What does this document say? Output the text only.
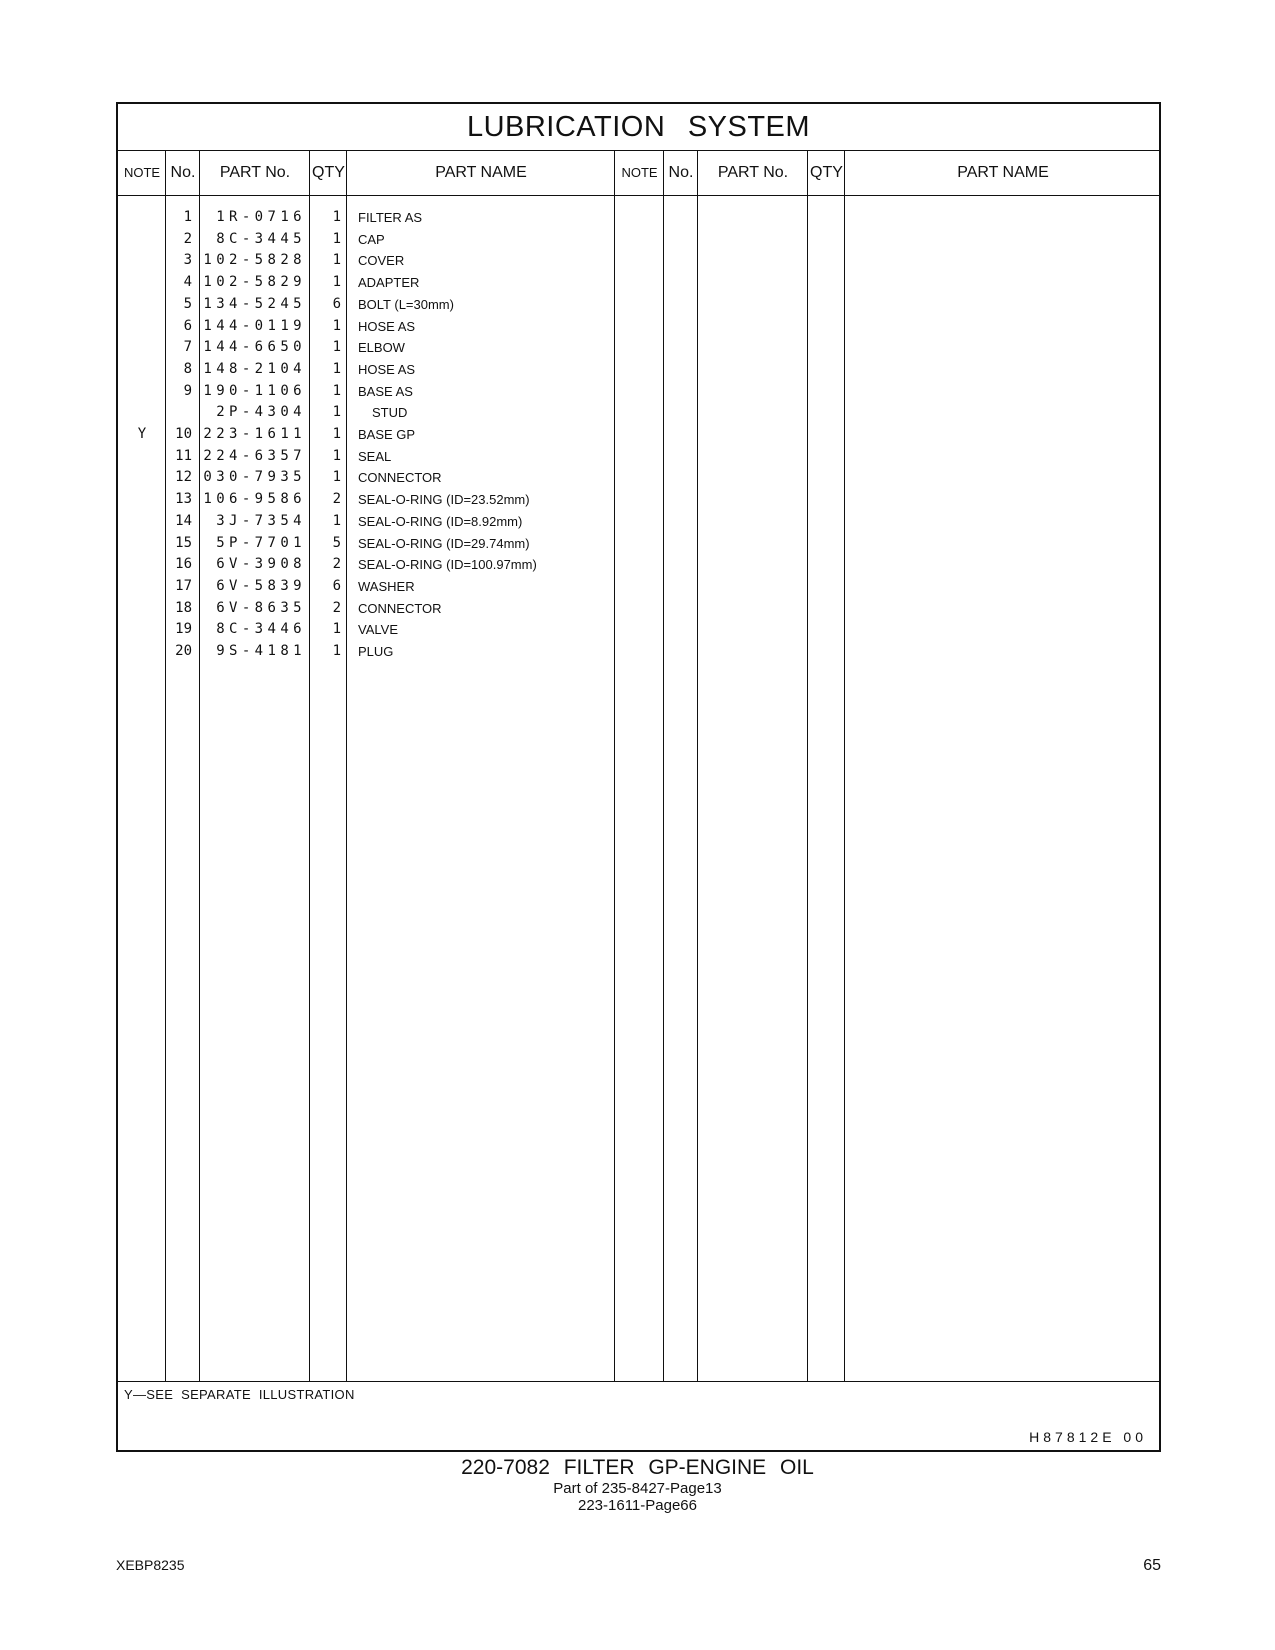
LUBRICATION SYSTEM
NOTE No.	PART No.	QTY	PART NAME	NOTE No.	PART No.	QTY	PART NAME
1	1R-0716	1 FILTER AS
2	8C-3445	1 CAP
3 102-5828	1 COVER
4 102-5829	1 ADAPTER
5 134-5245	6 BOLT (L=30mm)
6 144-0119	1 HOSE AS
7 144-6650	1 ELBOW
8 148-2104	1 HOSE AS
9 190-1106	1 BASE AS
2P-4304	1	STUD
Y	10 223-1611	1 BASE GP
11 224-6357	1 SEAL
12 030-7935	1 CONNECTOR
13 106-9586	2 SEAL-O-RING (ID=23.52mm)
14	3J-7354	1 SEAL-O-RING (ID=8.92mm)
15	5P-7701	5 SEAL-O-RING (ID=29.74mm)
16	6V-3908	2 SEAL-O-RING (ID=100.97mm)
17	6V-5839	6 WASHER
18	6V-8635	2 CONNECTOR
19	8C-3446	1 VALVE
20	9S-4181	1 PLUG
Y—SEE SEPARATE ILLUSTRATION
H87812E 00
220-7082 FILTER GP-ENGINE OIL
Part of 235-8427-Page13
223-1611-Page66
XEBP8235	65
